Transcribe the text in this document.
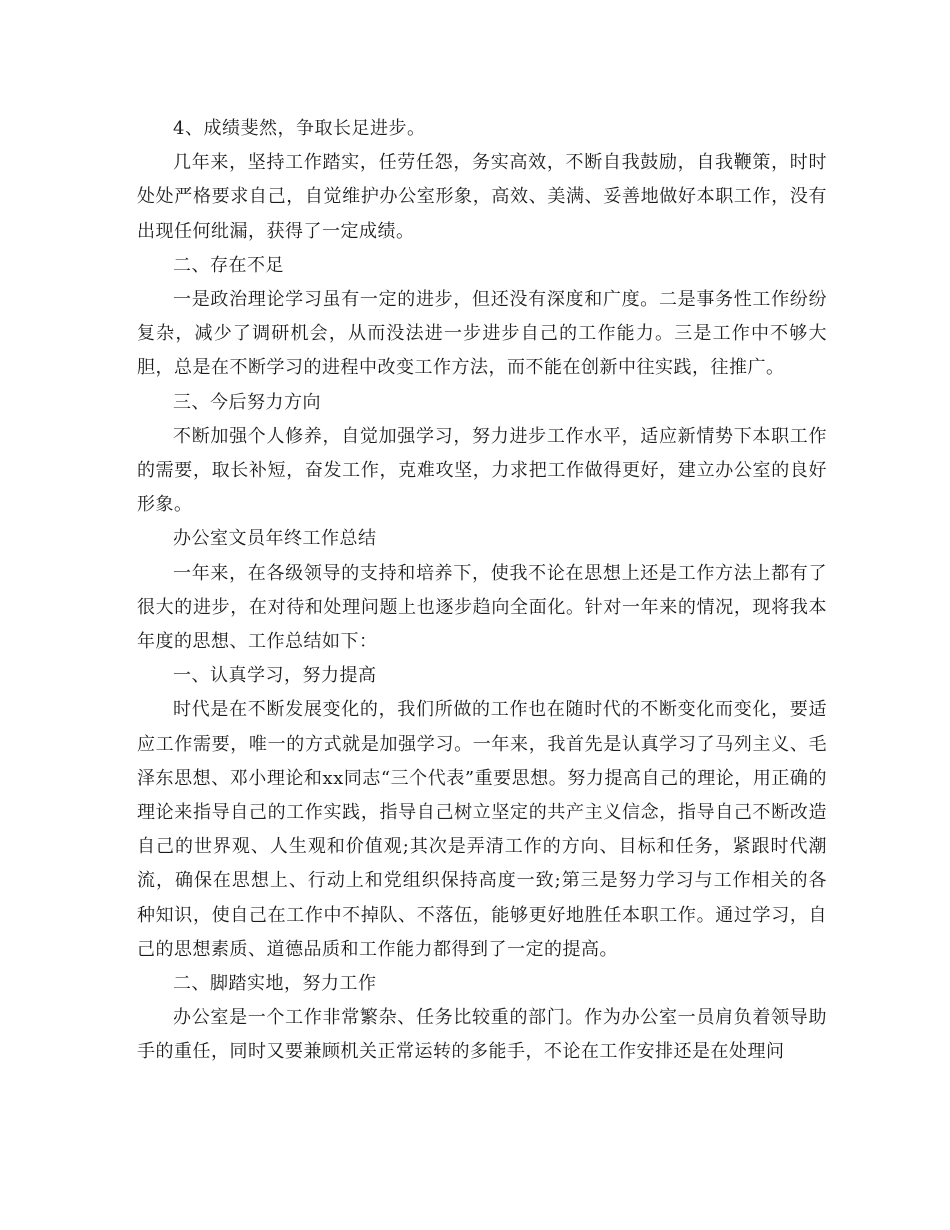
4、成绩斐然，争取长足进步。

几年来，坚持工作踏实，任劳任怨，务实高效，不断自我鼓励，自我鞭策，时时处处严格要求自己，自觉维护办公室形象，高效、美满、妥善地做好本职工作，没有出现任何纰漏，获得了一定成绩。

二、存在不足

一是政治理论学习虽有一定的进步，但还没有深度和广度。二是事务性工作纷纷复杂，减少了调研机会，从而没法进一步进步自己的工作能力。三是工作中不够大胆，总是在不断学习的进程中改变工作方法，而不能在创新中往实践，往推广。

三、今后努力方向

不断加强个人修养，自觉加强学习，努力进步工作水平，适应新情势下本职工作的需要，取长补短，奋发工作，克难攻坚，力求把工作做得更好，建立办公室的良好形象。

办公室文员年终工作总结

一年来，在各级领导的支持和培养下，使我不论在思想上还是工作方法上都有了很大的进步，在对待和处理问题上也逐步趋向全面化。针对一年来的情况，现将我本年度的思想、工作总结如下：

一、认真学习，努力提高

时代是在不断发展变化的，我们所做的工作也在随时代的不断变化而变化，要适应工作需要，唯一的方式就是加强学习。一年来，我首先是认真学习了马列主义、毛泽东思想、邓小理论和xx同志“三个代表”重要思想。努力提高自己的理论，用正确的理论来指导自己的工作实践，指导自己树立坚定的共产主义信念，指导自己不断改造自己的世界观、人生观和价值观;其次是弄清工作的方向、目标和任务，紧跟时代潮流，确保在思想上、行动上和党组织保持高度一致;第三是努力学习与工作相关的各种知识，使自己在工作中不掉队、不落伍，能够更好地胜任本职工作。通过学习，自己的思想素质、道德品质和工作能力都得到了一定的提高。

二、脚踏实地，努力工作

办公室是一个工作非常繁杂、任务比较重的部门。作为办公室一员肩负着领导助手的重任，同时又要兼顾机关正常运转的多能手，不论在工作安排还是在处理问
